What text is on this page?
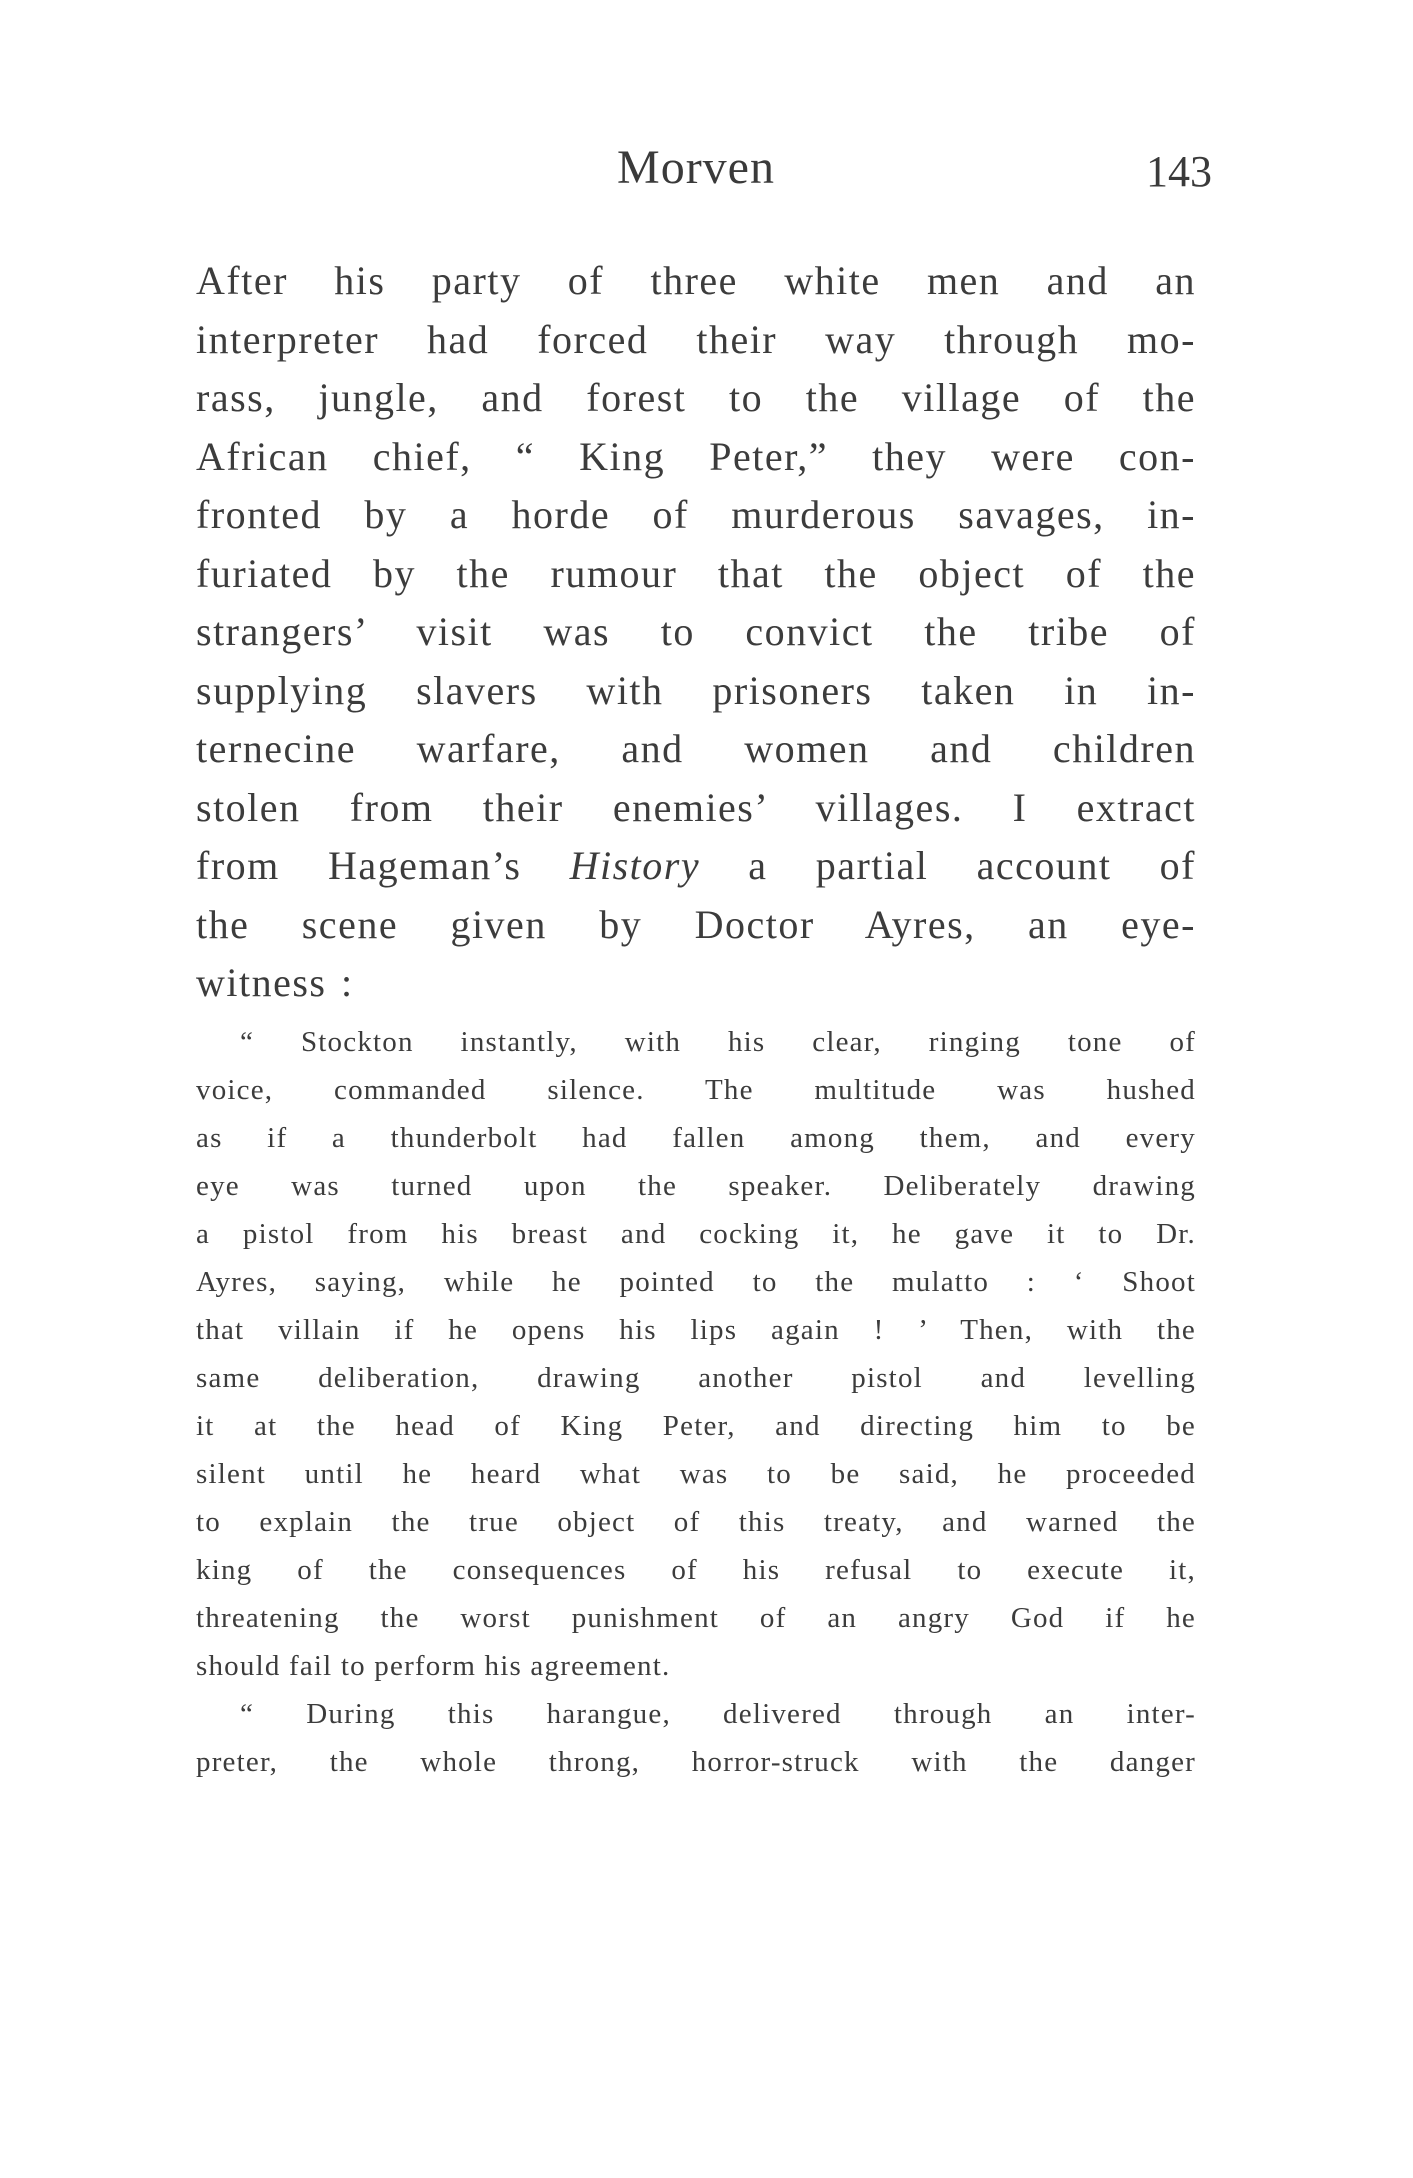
Morven	143
After his party of three white men and an
interpreter had forced their way through mo-
rass, jungle, and forest to the village of the
African chief, “ King Peter,” they were con-
fronted by a horde of murderous savages, in-
furiated by the rumour that the object of the
strangers’ visit was to convict the tribe of
supplying slavers with prisoners taken in in-
ternecine warfare, and women and children
stolen from their enemies’ villages. I extract
from Hageman’s History a partial account of
the scene given by Doctor Ayres, an eye-
witness :

“ Stockton instantly, with his clear, ringing tone of
voice, commanded silence. The multitude was hushed
as if a thunderbolt had fallen among them, and every
eye was turned upon the speaker. Deliberately drawing
a pistol from his breast and cocking it, he gave it to Dr.
Ayres, saying, while he pointed to the mulatto : ‘ Shoot
that villain if he opens his lips again ! ’ Then, with the
same deliberation, drawing another pistol and levelling
it at the head of King Peter, and directing him to be
silent until he heard what was to be said, he proceeded
to explain the true object of this treaty, and warned the
king of the consequences of his refusal to execute it,
threatening the worst punishment of an angry God if he
should fail to perform his agreement.

“ During this harangue, delivered through an inter-
preter, the whole throng, horror-struck with the danger
